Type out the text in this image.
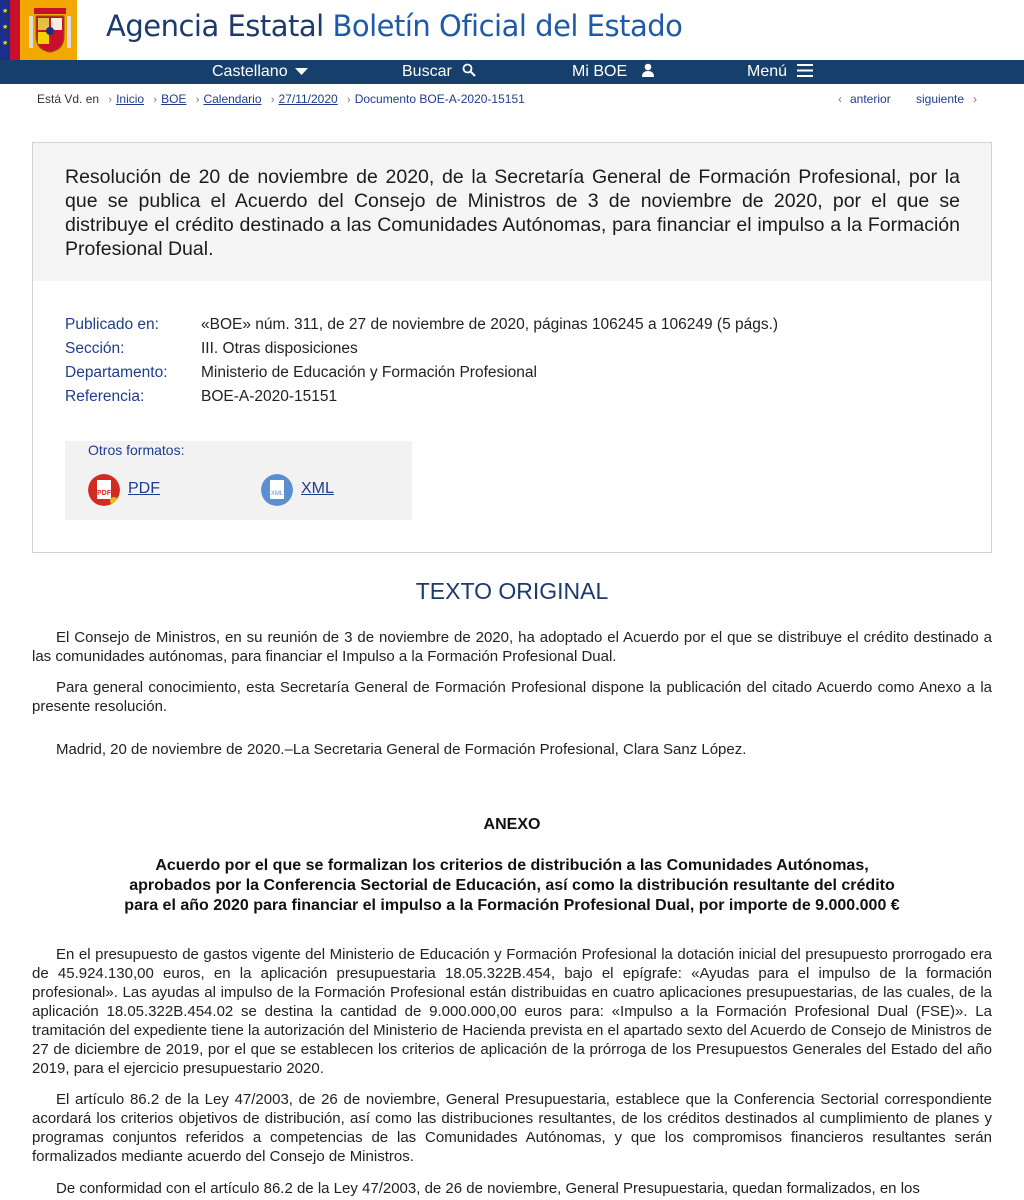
★
★
★
Agencia Estatal Boletín Oficial del Estado
Castellano	Buscar	Mi BOE	Menú
Está Vd. en › Inicio › BOE › Calendario › 27/11/2020 › Documento BOE-A-2020-15151	‹ anterior siguiente ›
Resolución de 20 de noviembre de 2020, de la Secretaría General de Formación Profesional, por la que se publica el Acuerdo del Consejo de Ministros de 3 de noviembre de 2020, por el que se distribuye el crédito destinado a las Comunidades Autónomas, para financiar el impulso a la Formación Profesional Dual.
Publicado en:	«BOE» núm. 311, de 27 de noviembre de 2020, páginas 106245 a 106249 (5 págs.)
Sección:	III. Otras disposiciones
Departamento: Ministerio de Educación y Formación Profesional
Referencia:	BOE-A-2020-15151
Otros formatos:
PDF PDF	XML XML
TEXTO ORIGINAL
El Consejo de Ministros, en su reunión de 3 de noviembre de 2020, ha adoptado el Acuerdo por el que se distribuye el crédito destinado a las comunidades autónomas, para financiar el Impulso a la Formación Profesional Dual.
Para general conocimiento, esta Secretaría General de Formación Profesional dispone la publicación del citado Acuerdo como Anexo a la presente resolución.
Madrid, 20 de noviembre de 2020.–La Secretaria General de Formación Profesional, Clara Sanz López.
ANEXO
Acuerdo por el que se formalizan los criterios de distribución a las Comunidades Autónomas,
aprobados por la Conferencia Sectorial de Educación, así como la distribución resultante del crédito
para el año 2020 para financiar el impulso a la Formación Profesional Dual, por importe de 9.000.000 €
En el presupuesto de gastos vigente del Ministerio de Educación y Formación Profesional la dotación inicial del presupuesto prorrogado era de 45.924.130,00 euros, en la aplicación presupuestaria 18.05.322B.454, bajo el epígrafe: «Ayudas para el impulso de la formación profesional». Las ayudas al impulso de la Formación Profesional están distribuidas en cuatro aplicaciones presupuestarias, de las cuales, de la aplicación 18.05.322B.454.02 se destina la cantidad de 9.000.000,00 euros para: «Impulso a la Formación Profesional Dual (FSE)». La tramitación del expediente tiene la autorización del Ministerio de Hacienda prevista en el apartado sexto del Acuerdo de Consejo de Ministros de 27 de diciembre de 2019, por el que se establecen los criterios de aplicación de la prórroga de los Presupuestos Generales del Estado del año 2019, para el ejercicio presupuestario 2020.
El artículo 86.2 de la Ley 47/2003, de 26 de noviembre, General Presupuestaria, establece que la Conferencia Sectorial correspondiente acordará los criterios objetivos de distribución, así como las distribuciones resultantes, de los créditos destinados al cumplimiento de planes y programas conjuntos referidos a competencias de las Comunidades Autónomas, y que los compromisos financieros resultantes serán formalizados mediante acuerdo del Consejo de Ministros.
De conformidad con el artículo 86.2 de la Ley 47/2003, de 26 de noviembre, General Presupuestaria, quedan formalizados, en los
